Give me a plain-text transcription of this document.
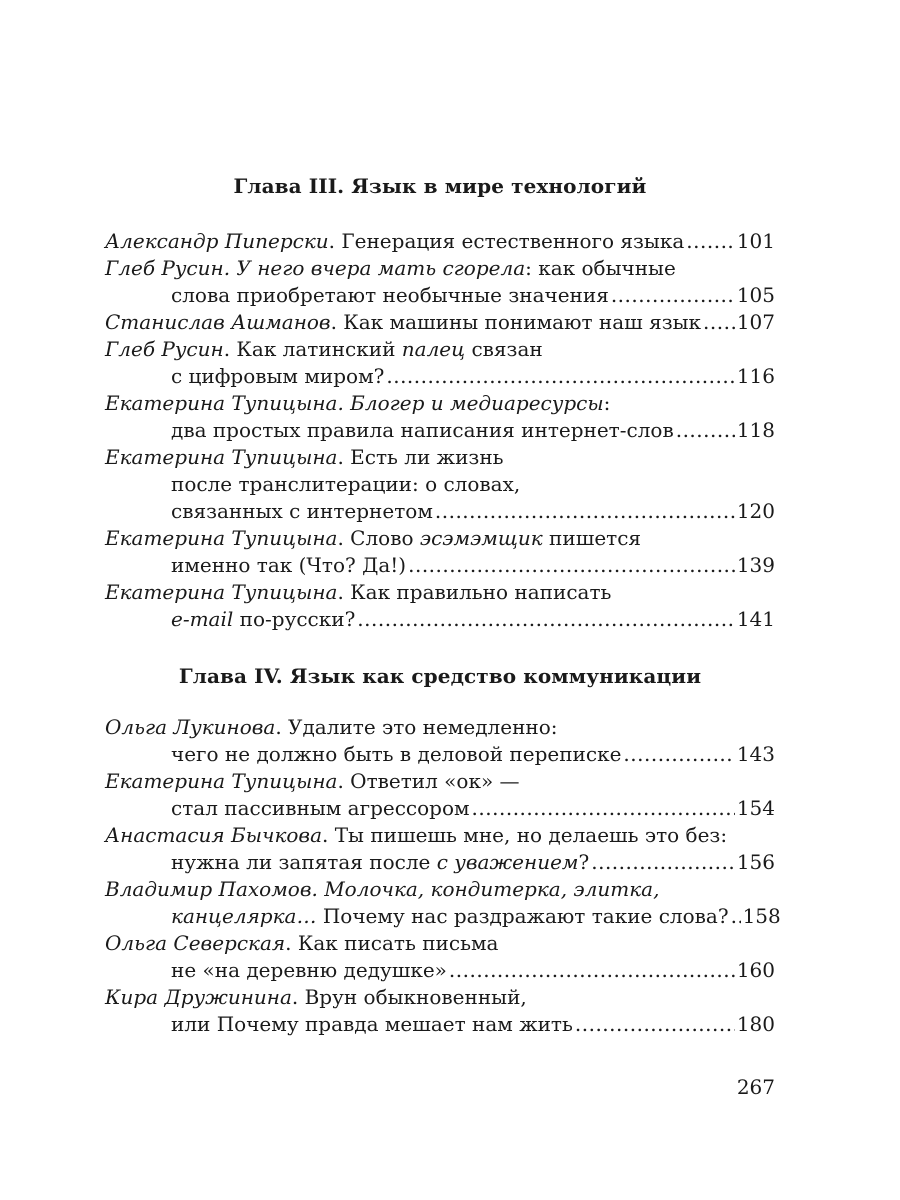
Глава III. Язык в мире технологий
Александр Пиперски. Генерация естественного языка .....	101
Глеб Русин. У него вчера мать сгорела: как обычные
слова приобретают необычные значения .....	105
Станислав Ашманов. Как машины понимают наш язык ..... 107
Глеб Русин. Как латинский палец связан
с цифровым миром? .....	116
Екатерина Тупицына. Блогер и медиаресурсы:
два простых правила написания интернет-слов .....	118
Екатерина Тупицына. Есть ли жизнь
после транслитерации: о словах,
связанных с интернетом .....	120
Екатерина Тупицына. Слово эсэмэмщик пишется
именно так (Что? Да!) .....	139
Екатерина Тупицына. Как правильно написать
e-mail по-русски? .....	141
Глава IV. Язык как средство коммуникации
Ольга Лукинова. Удалите это немедленно:
чего не должно быть в деловой переписке .....	143
Екатерина Тупицына. Ответил «ок» —
стал пассивным агрессором .....	154
Анастасия Бычкова. Ты пишешь мне, но делаешь это без:
нужна ли запятая после с уважением? .....	156
Владимир Пахомов. Молочка, кондитерка, элитка,
канцелярка… Почему нас раздражают такие слова? ..... 158
Ольга Северская. Как писать письма
не «на деревню дедушке» .....	160
Кира Дружинина. Врун обыкновенный,
или Почему правда мешает нам жить .....	180
267
